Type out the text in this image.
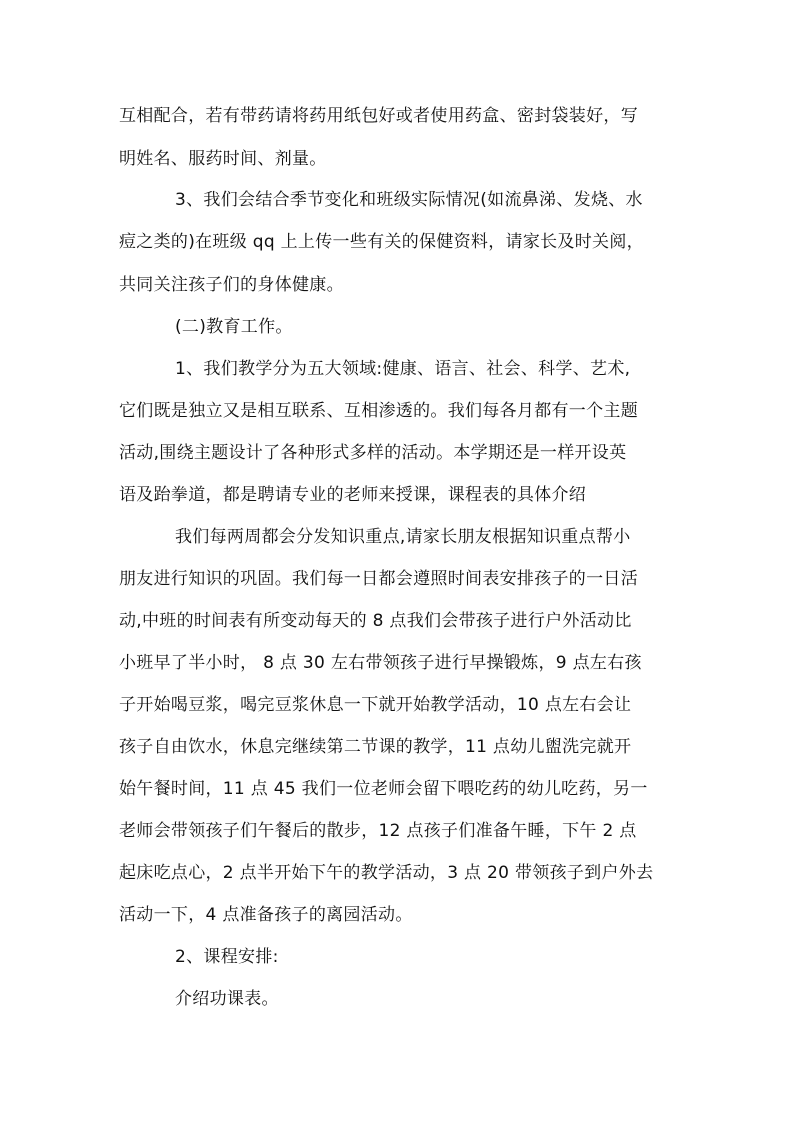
互相配合，若有带药请将药用纸包好或者使用药盒、密封袋装好，写
明姓名、服药时间、剂量。
3、我们会结合季节变化和班级实际情况(如流鼻涕、发烧、水
痘之类的)在班级 qq 上上传一些有关的保健资料，请家长及时关阅，
共同关注孩子们的身体健康。
(二)教育工作。
1、我们教学分为五大领域:健康、语言、社会、科学、艺术,
它们既是独立又是相互联系、互相渗透的。我们每各月都有一个主题
活动,围绕主题设计了各种形式多样的活动。本学期还是一样开设英
语及跆拳道，都是聘请专业的老师来授课，课程表的具体介绍
我们每两周都会分发知识重点,请家长朋友根据知识重点帮小
朋友进行知识的巩固。我们每一日都会遵照时间表安排孩子的一日活
动,中班的时间表有所变动每天的 8 点我们会带孩子进行户外活动比
小班早了半小时， 8 点 30 左右带领孩子进行早操锻炼，9 点左右孩
子开始喝豆浆，喝完豆浆休息一下就开始教学活动，10 点左右会让
孩子自由饮水，休息完继续第二节课的教学，11 点幼儿盥洗完就开
始午餐时间，11 点 45 我们一位老师会留下喂吃药的幼儿吃药，另一
老师会带领孩子们午餐后的散步，12 点孩子们准备午睡，下午 2 点
起床吃点心，2 点半开始下午的教学活动，3 点 20 带领孩子到户外去
活动一下，4 点准备孩子的离园活动。
2、课程安排:
介绍功课表。
